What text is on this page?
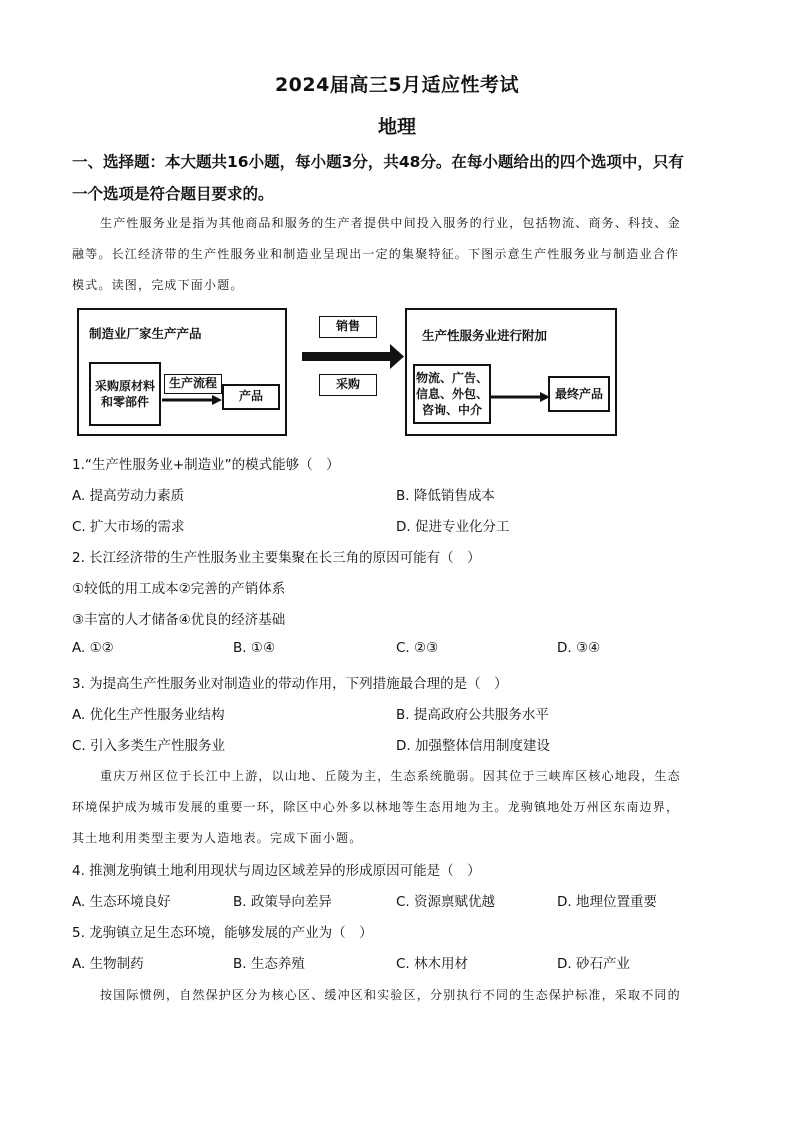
2024届高三5月适应性考试
地理
一、选择题：本大题共16小题，每小题3分，共48分。在每小题给出的四个选项中，只有
一个选项是符合题目要求的。
生产性服务业是指为其他商品和服务的生产者提供中间投入服务的行业，包括物流、商务、科技、金
融等。长江经济带的生产性服务业和制造业呈现出一定的集聚特征。下图示意生产性服务业与制造业合作
模式。读图，完成下面小题。
制造业厂家生产产品
采购原材料
和零部件
生产流程
产品
销售
采购
生产性服务业进行附加
物流、广告、
信息、外包、
咨询、中介
最终产品
1.“生产性服务业+制造业”的模式能够（　）
A. 提高劳动力素质	B. 降低销售成本
C. 扩大市场的需求	D. 促进专业化分工
2. 长江经济带的生产性服务业主要集聚在长三角的原因可能有（　）
①较低的用工成本②完善的产销体系
③丰富的人才储备④优良的经济基础
A. ①②	B. ①④	C. ②③	D. ③④
3. 为提高生产性服务业对制造业的带动作用，下列措施最合理的是（　）
A. 优化生产性服务业结构	B. 提高政府公共服务水平
C. 引入多类生产性服务业	D. 加强整体信用制度建设
重庆万州区位于长江中上游，以山地、丘陵为主，生态系统脆弱。因其位于三峡库区核心地段，生态
环境保护成为城市发展的重要一环，除区中心外多以林地等生态用地为主。龙驹镇地处万州区东南边界，
其土地利用类型主要为人造地表。完成下面小题。
4. 推测龙驹镇土地利用现状与周边区域差异的形成原因可能是（　）
A. 生态环境良好	B. 政策导向差异	C. 资源禀赋优越	D. 地理位置重要
5. 龙驹镇立足生态环境，能够发展的产业为（　）
A. 生物制药	B. 生态养殖	C. 林木用材	D. 砂石产业
按国际惯例，自然保护区分为核心区、缓冲区和实验区，分别执行不同的生态保护标准，采取不同的
